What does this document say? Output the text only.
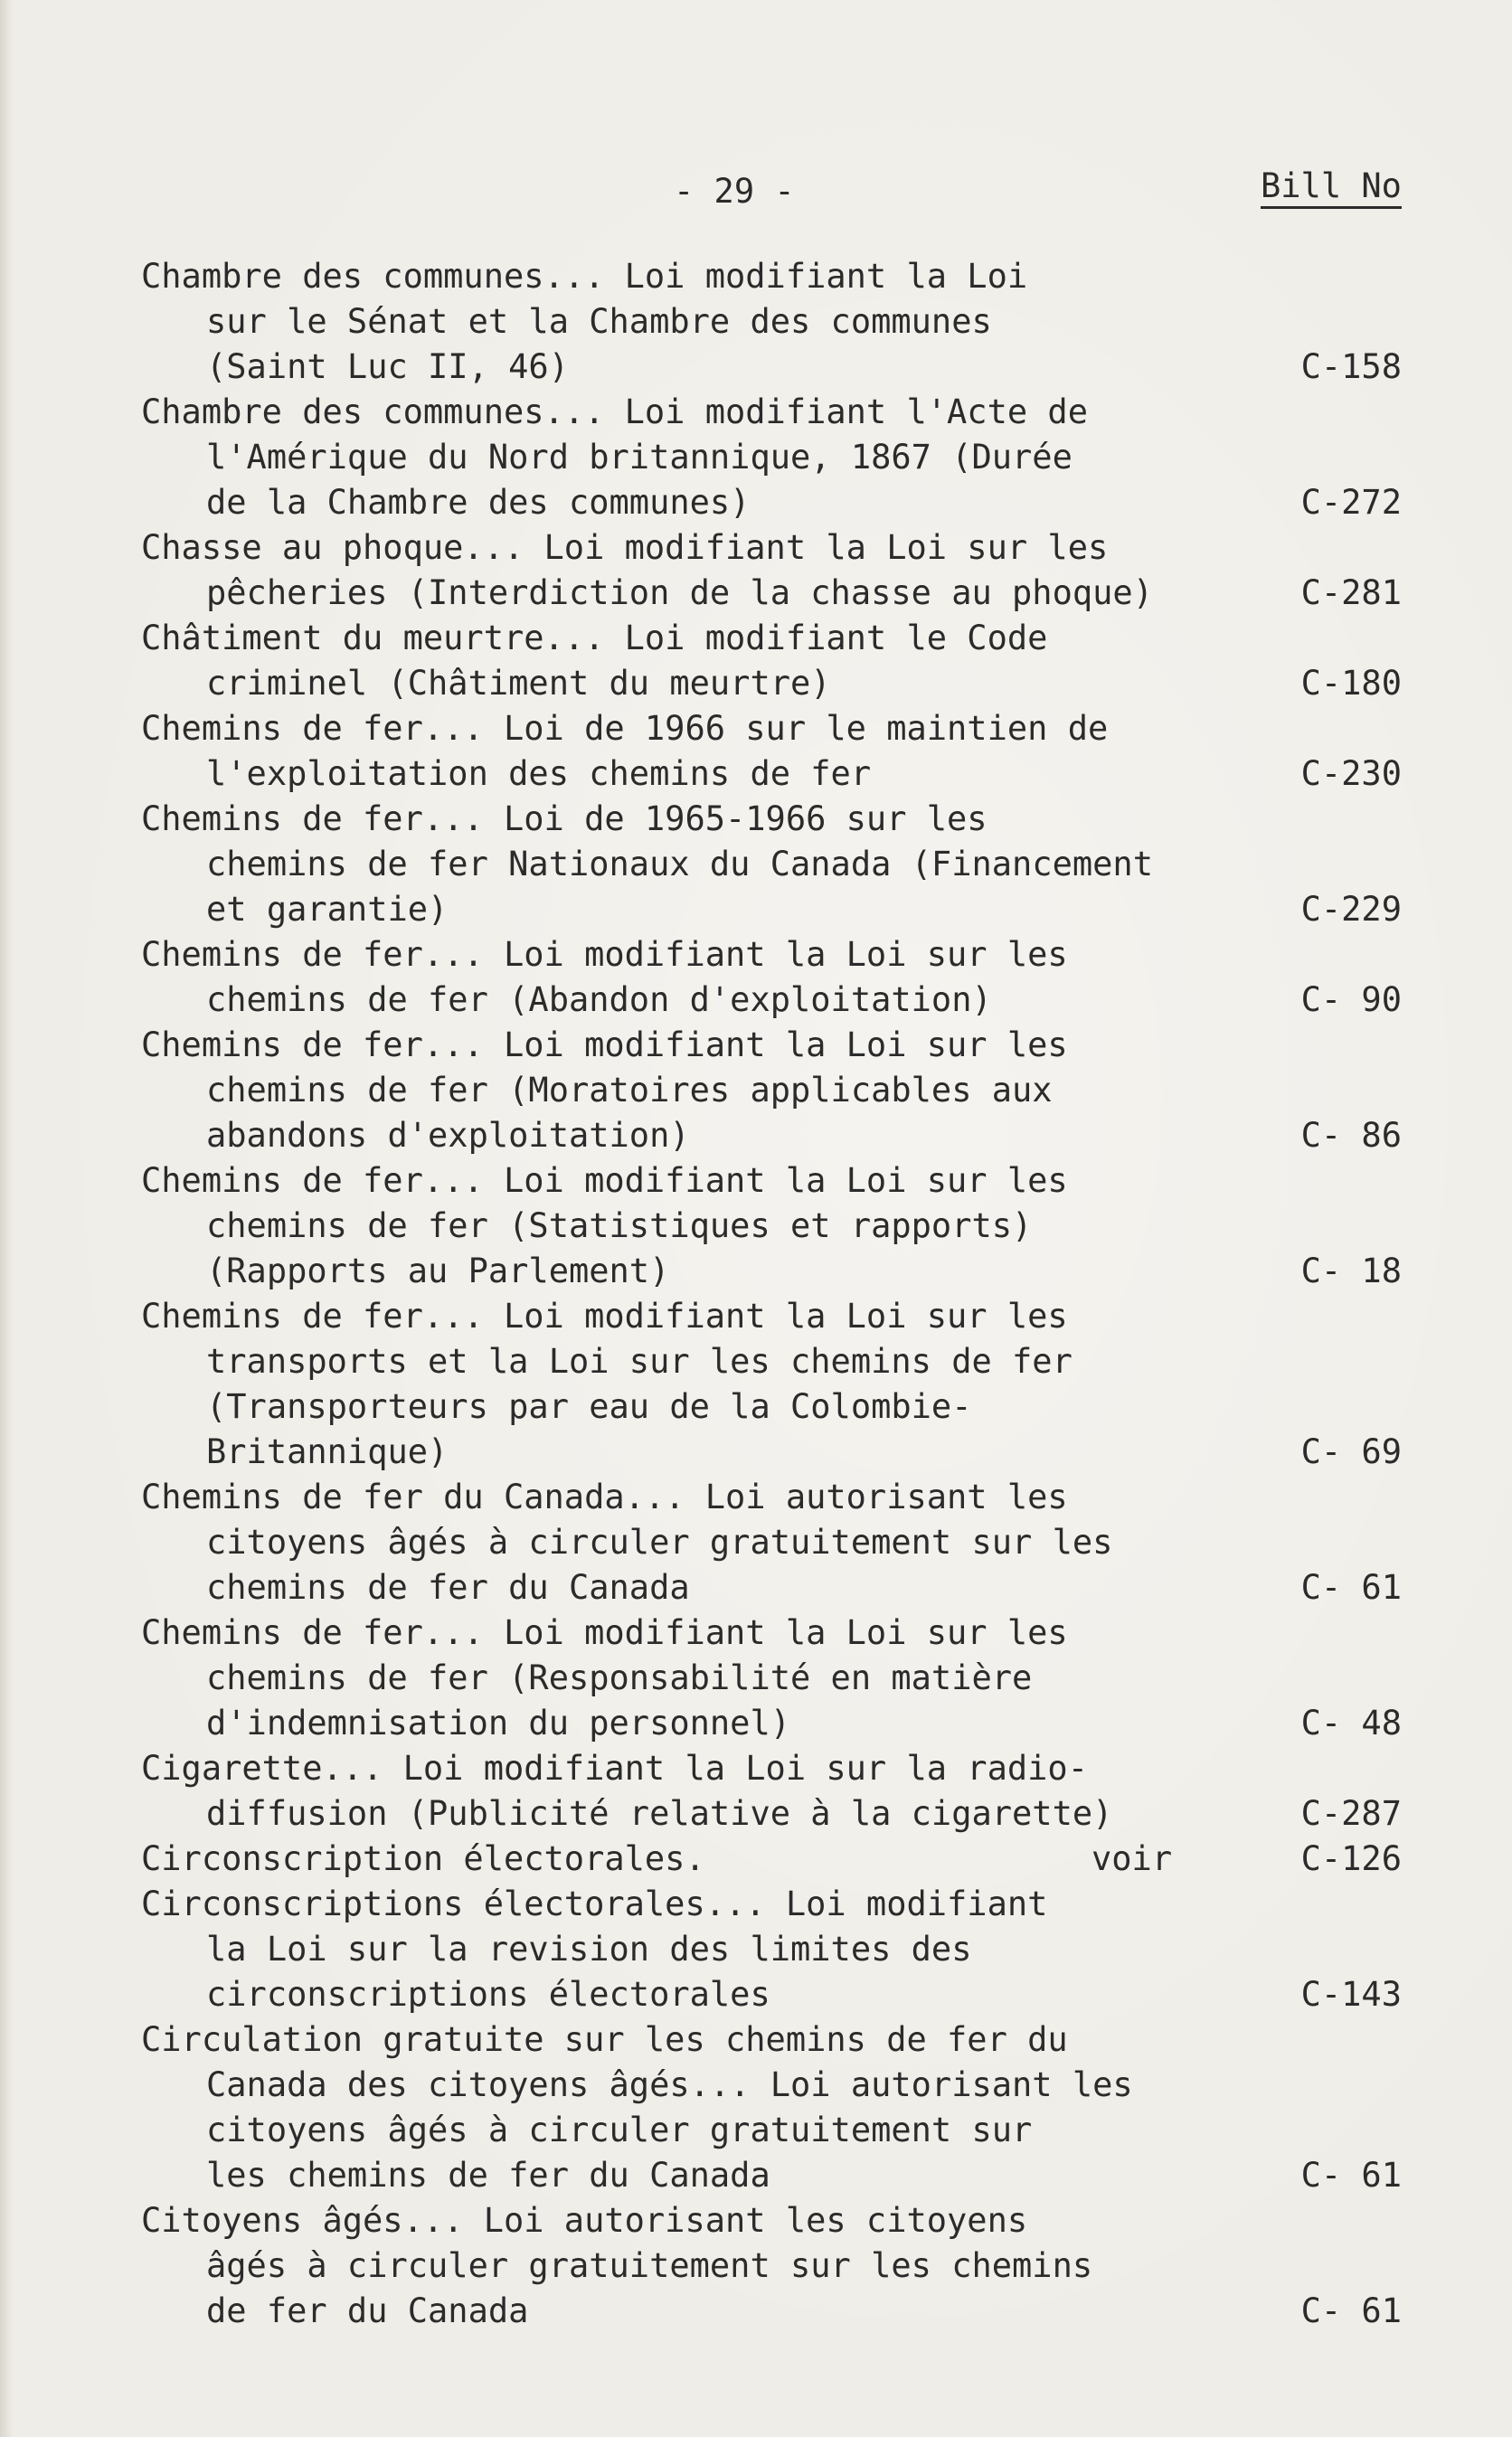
- 29 -	Bill No
Chambre des communes... Loi modifiant la Loi
sur le Sénat et la Chambre des communes
(Saint Luc II, 46)	C-158
Chambre des communes... Loi modifiant l'Acte de
l'Amérique du Nord britannique, 1867 (Durée
de la Chambre des communes)	C-272
Chasse au phoque... Loi modifiant la Loi sur les
pêcheries (Interdiction de la chasse au phoque)	C-281
Châtiment du meurtre... Loi modifiant le Code
criminel (Châtiment du meurtre)	C-180
Chemins de fer... Loi de 1966 sur le maintien de
l'exploitation des chemins de fer	C-230
Chemins de fer... Loi de 1965-1966 sur les
chemins de fer Nationaux du Canada (Financement
et garantie)	C-229
Chemins de fer... Loi modifiant la Loi sur les
chemins de fer (Abandon d'exploitation)	C- 90
Chemins de fer... Loi modifiant la Loi sur les
chemins de fer (Moratoires applicables aux
abandons d'exploitation)	C- 86
Chemins de fer... Loi modifiant la Loi sur les
chemins de fer (Statistiques et rapports)
(Rapports au Parlement)	C- 18
Chemins de fer... Loi modifiant la Loi sur les
transports et la Loi sur les chemins de fer
(Transporteurs par eau de la Colombie-
Britannique)	C- 69
Chemins de fer du Canada... Loi autorisant les
citoyens âgés à circuler gratuitement sur les
chemins de fer du Canada	C- 61
Chemins de fer... Loi modifiant la Loi sur les
chemins de fer (Responsabilité en matière
d'indemnisation du personnel)	C- 48
Cigarette... Loi modifiant la Loi sur la radio-
diffusion (Publicité relative à la cigarette)	C-287
Circonscription électorales.	voir	C-126
Circonscriptions électorales... Loi modifiant
la Loi sur la revision des limites des
circonscriptions électorales	C-143
Circulation gratuite sur les chemins de fer du
Canada des citoyens âgés... Loi autorisant les
citoyens âgés à circuler gratuitement sur
les chemins de fer du Canada	C- 61
Citoyens âgés... Loi autorisant les citoyens
âgés à circuler gratuitement sur les chemins
de fer du Canada	C- 61
